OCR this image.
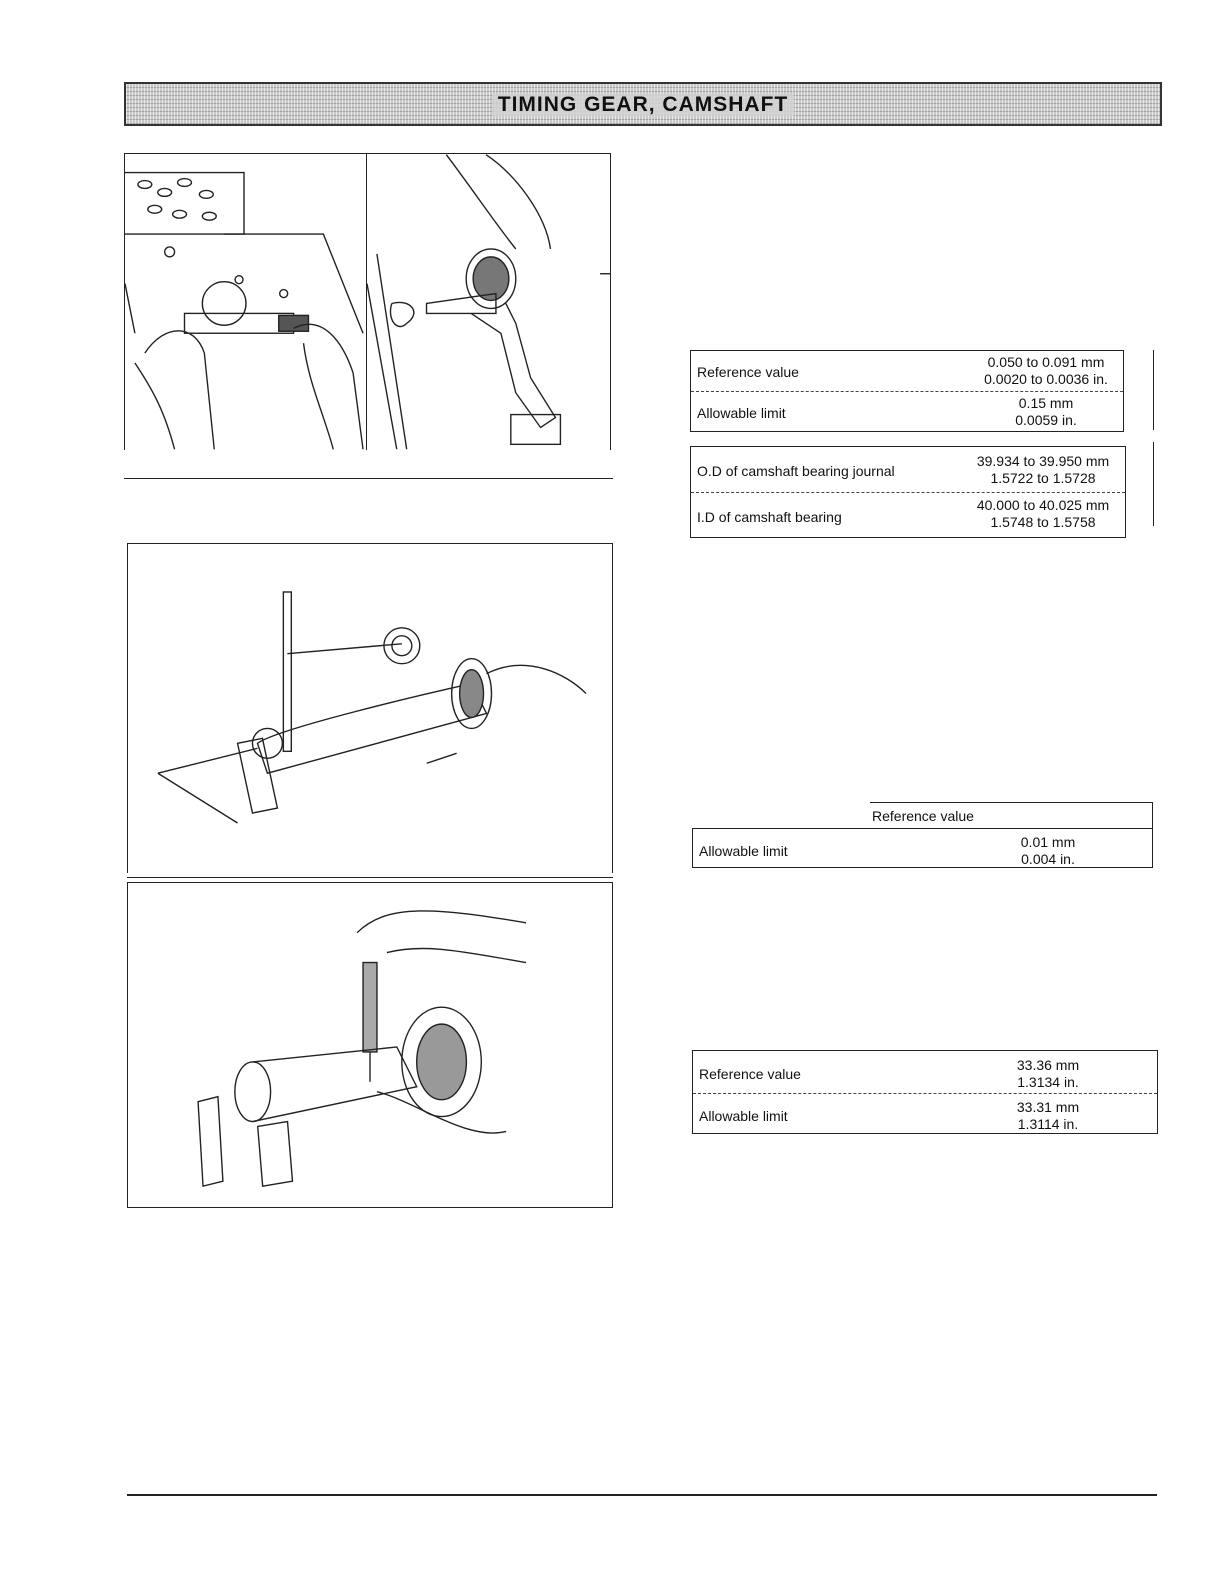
TIMING GEAR, CAMSHAFT
Reference value
0.050 to 0.091 mm
0.0020 to 0.0036 in.
Allowable limit
0.15 mm
0.0059 in.
O.D of camshaft bearing journal
39.934 to 39.950 mm
1.5722 to 1.5728
I.D of camshaft bearing
40.000 to 40.025 mm
1.5748 to 1.5758
Reference value
Allowable limit
0.01 mm
0.004 in.
Reference value
33.36 mm
1.3134 in.
Allowable limit
33.31 mm
1.3114 in.
